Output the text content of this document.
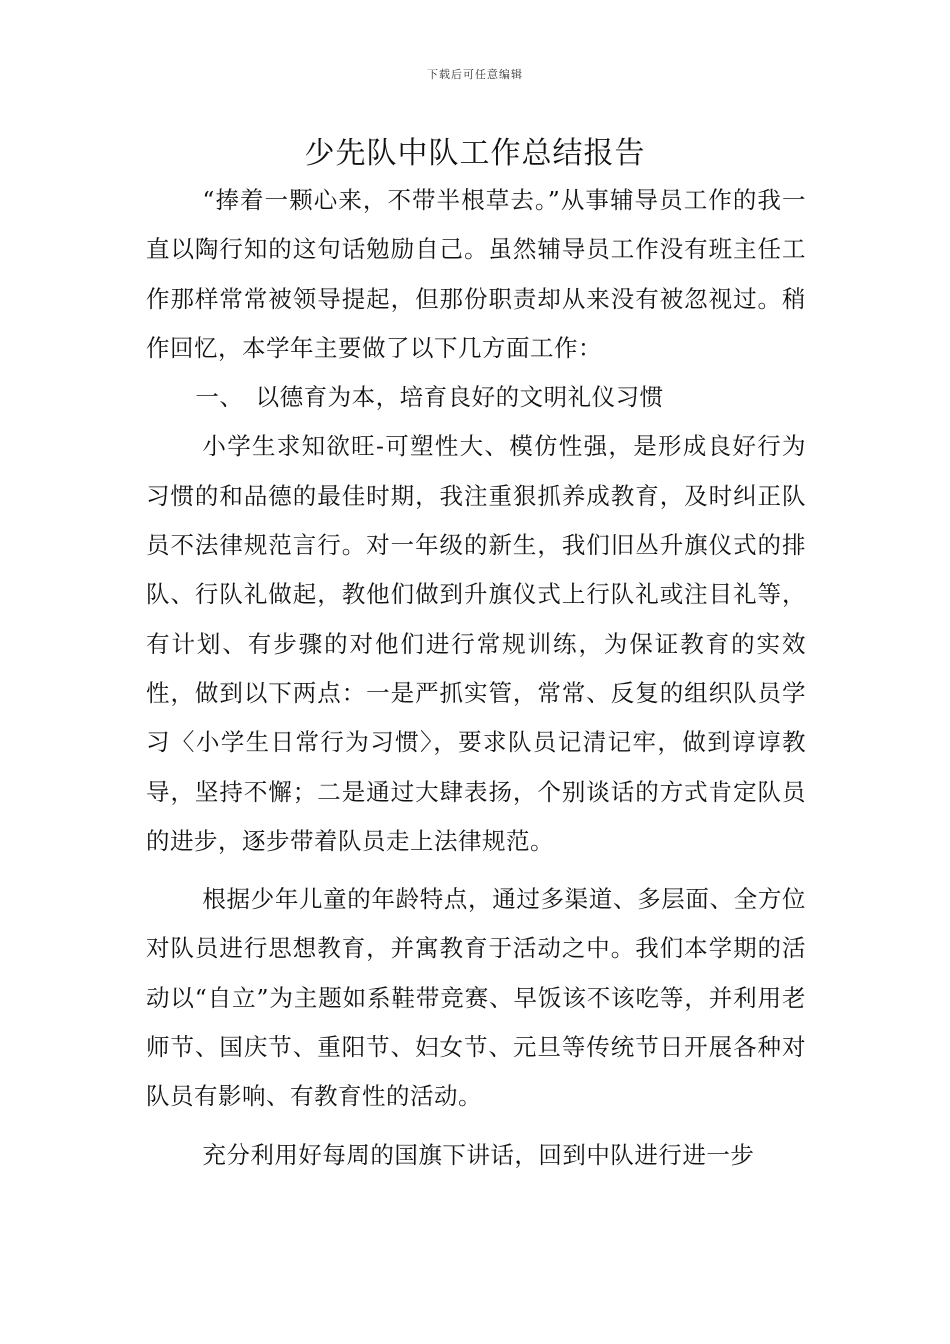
下载后可任意编辑
少先队中队工作总结报告

“捧着一颗心来，不带半根草去。”从事辅导员工作的我一直以陶行知的这句话勉励自己。虽然辅导员工作没有班主任工作那样常常被领导提起，但那份职责却从来没有被忽视过。稍作回忆，本学年主要做了以下几方面工作：

一、　以德育为本，培育良好的文明礼仪习惯

小学生求知欲旺-可塑性大、模仿性强，是形成良好行为习惯的和品德的最佳时期，我注重狠抓养成教育，及时纠正队员不法律规范言行。对一年级的新生，我们旧丛升旗仪式的排队、行队礼做起，教他们做到升旗仪式上行队礼或注目礼等，有计划、有步骤的对他们进行常规训练，为保证教育的实效性，做到以下两点：一是严抓实管，常常、反复的组织队员学习〈小学生日常行为习惯〉，要求队员记清记牢，做到谆谆教导，坚持不懈；二是通过大肆表扬，个别谈话的方式肯定队员的进步，逐步带着队员走上法律规范。

根据少年儿童的年龄特点，通过多渠道、多层面、全方位对队员进行思想教育，并寓教育于活动之中。我们本学期的活动以“自立”为主题如系鞋带竞赛、早饭该不该吃等，并利用老师节、国庆节、重阳节、妇女节、元旦等传统节日开展各种对队员有影响、有教育性的活动。

充分利用好每周的国旗下讲话，回到中队进行进一步
